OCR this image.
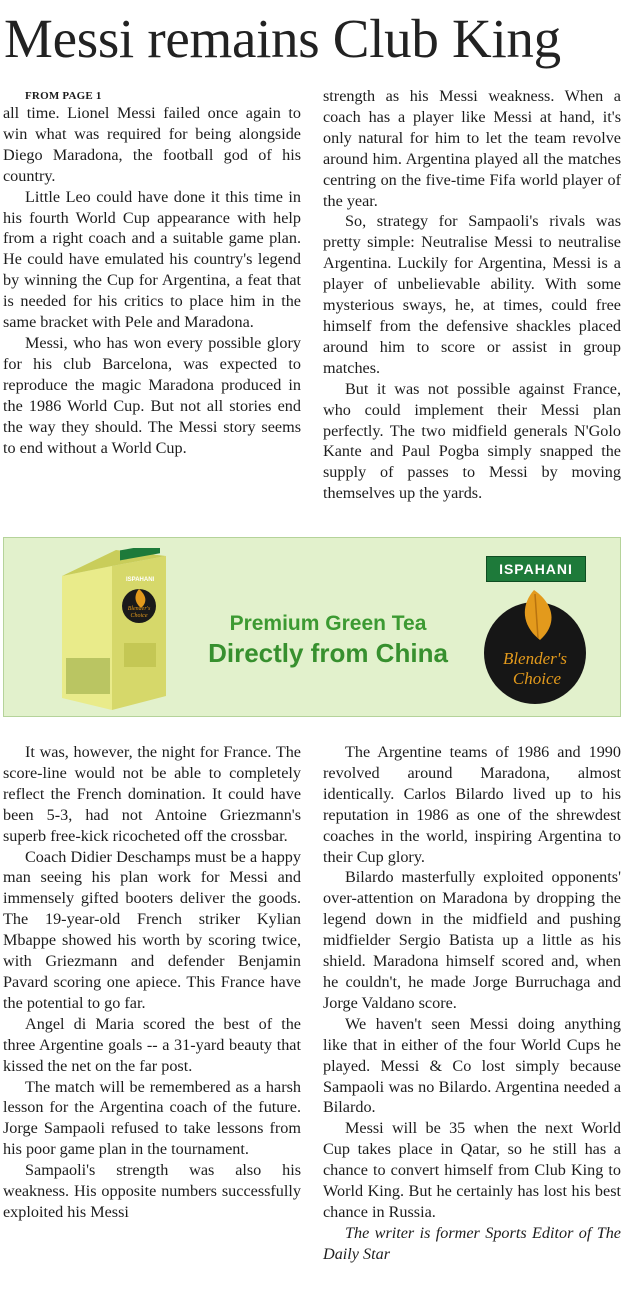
Messi remains Club King

FROM PAGE 1

all time. Lionel Messi failed once again to win what was required for being alongside Diego Maradona, the football god of his country.

Little Leo could have done it this time in his fourth World Cup appearance with help from a right coach and a suitable game plan. He could have emulated his country's legend by winning the Cup for Argentina, a feat that is needed for his critics to place him in the same bracket with Pele and Maradona.

Messi, who has won every possible glory for his club Barcelona, was expected to reproduce the magic Maradona produced in the 1986 World Cup. But not all stories end the way they should. The Messi story seems to end without a World Cup.

strength as his Messi weakness. When a coach has a player like Messi at hand, it's only natural for him to let the team revolve around him. Argentina played all the matches centring on the five-time Fifa world player of the year.

So, strategy for Sampaoli's rivals was pretty simple: Neutralise Messi to neutralise Argentina. Luckily for Argentina, Messi is a player of unbelievable ability. With some mysterious sways, he, at times, could free himself from the defensive shackles placed around him to score or assist in group matches.

But it was not possible against France, who could implement their Messi plan perfectly. The two midfield generals N'Golo Kante and Paul Pogba simply snapped the supply of passes to Messi by moving themselves up the yards.

ISPAHANI
Blender's
Choice	Premium Green Tea
Directly from China
ISPAHANI
Blender's
Choice

It was, however, the night for France. The score-line would not be able to completely reflect the French domination. It could have been 5-3, had not Antoine Griezmann's superb free-kick ricocheted off the crossbar.

Coach Didier Deschamps must be a happy man seeing his plan work for Messi and immensely gifted booters deliver the goods. The 19-year-old French striker Kylian Mbappe showed his worth by scoring twice, with Griezmann and defender Benjamin Pavard scoring one apiece. This France have the potential to go far.

Angel di Maria scored the best of the three Argentine goals -- a 31-yard beauty that kissed the net on the far post.

The match will be remembered as a harsh lesson for the Argentina coach of the future. Jorge Sampaoli refused to take lessons from his poor game plan in the tournament.

Sampaoli's strength was also his weakness. His opposite numbers successfully exploited his Messi

The Argentine teams of 1986 and 1990 revolved around Maradona, almost identically. Carlos Bilardo lived up to his reputation in 1986 as one of the shrewdest coaches in the world, inspiring Argentina to their Cup glory.

Bilardo masterfully exploited opponents' over-attention on Maradona by dropping the legend down in the midfield and pushing midfielder Sergio Batista up a little as his shield. Maradona himself scored and, when he couldn't, he made Jorge Burruchaga and Jorge Valdano score.

We haven't seen Messi doing anything like that in either of the four World Cups he played. Messi & Co lost simply because Sampaoli was no Bilardo. Argentina needed a Bilardo.

Messi will be 35 when the next World Cup takes place in Qatar, so he still has a chance to convert himself from Club King to World King. But he certainly has lost his best chance in Russia.

The writer is former Sports Editor of The Daily Star
